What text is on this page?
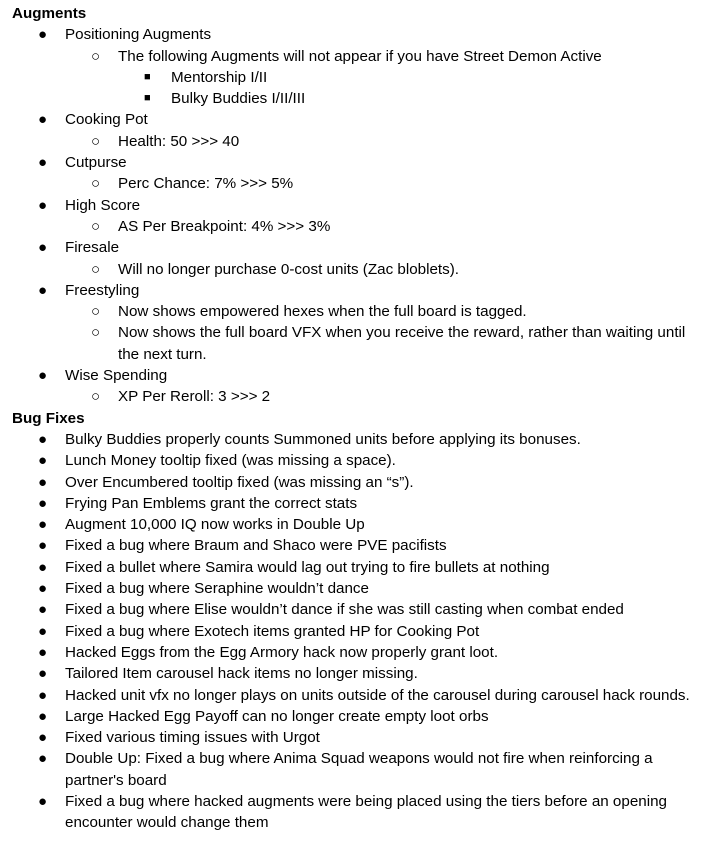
Augments
● Positioning Augments
○ The following Augments will not appear if you have Street Demon Active
■ Mentorship I/II
■ Bulky Buddies I/II/III
● Cooking Pot
○ Health: 50 >>> 40
● Cutpurse
○ Perc Chance: 7% >>> 5%
● High Score
○ AS Per Breakpoint: 4% >>> 3%
● Firesale
○ Will no longer purchase 0-cost units (Zac bloblets).
● Freestyling
○ Now shows empowered hexes when the full board is tagged.
○ Now shows the full board VFX when you receive the reward, rather than waiting until the next turn.
● Wise Spending
○ XP Per Reroll: 3 >>> 2
Bug Fixes
● Bulky Buddies properly counts Summoned units before applying its bonuses.
● Lunch Money tooltip fixed (was missing a space).
● Over Encumbered tooltip fixed (was missing an “s”).
● Frying Pan Emblems grant the correct stats
● Augment 10,000 IQ now works in Double Up
● Fixed a bug where Braum and Shaco were PVE pacifists
● Fixed a bullet where Samira would lag out trying to fire bullets at nothing
● Fixed a bug where Seraphine wouldn’t dance
● Fixed a bug where Elise wouldn’t dance if she was still casting when combat ended
● Fixed a bug where Exotech items granted HP for Cooking Pot
● Hacked Eggs from the Egg Armory hack now properly grant loot.
● Tailored Item carousel hack items no longer missing.
● Hacked unit vfx no longer plays on units outside of the carousel during carousel hack rounds.
● Large Hacked Egg Payoff can no longer create empty loot orbs
● Fixed various timing issues with Urgot
● Double Up: Fixed a bug where Anima Squad weapons would not fire when reinforcing a partner's board
● Fixed a bug where hacked augments were being placed using the tiers before an opening encounter would change them
